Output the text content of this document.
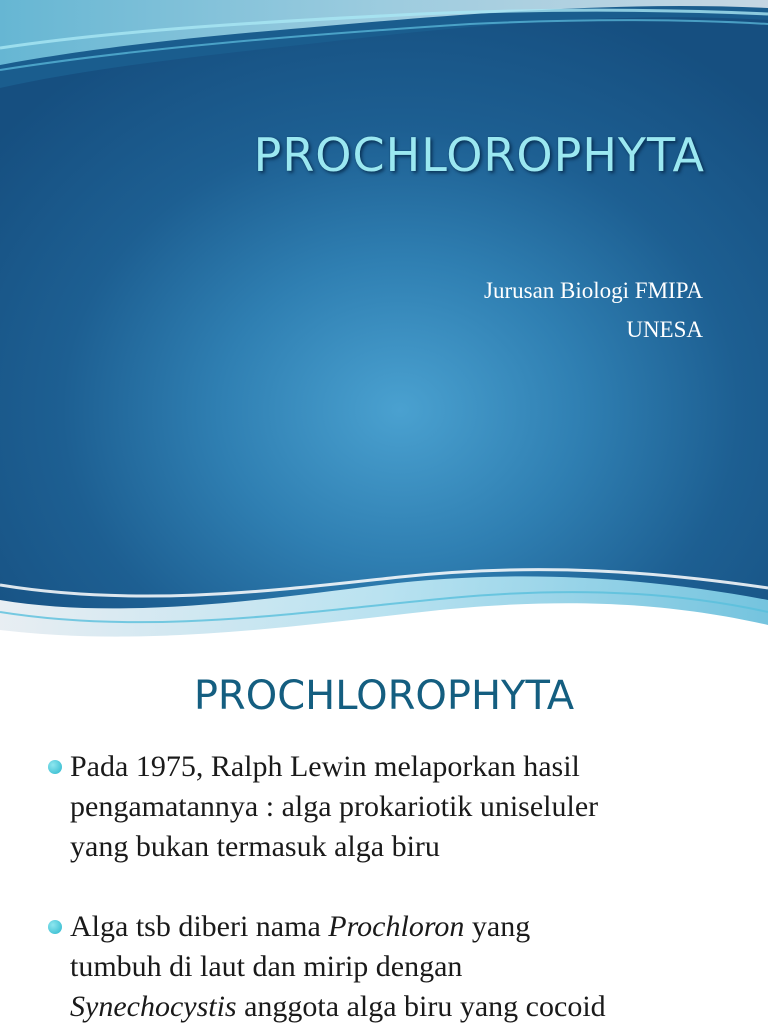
PROCHLOROPHYTA
Jurusan Biologi FMIPA
UNESA
PROCHLOROPHYTA
Pada 1975, Ralph Lewin melaporkan hasil
pengamatannya : alga prokariotik uniseluler
yang bukan termasuk alga biru
Alga tsb diberi nama Prochloron yang
tumbuh di laut dan mirip dengan
Synechocystis anggota alga biru yang cocoid
